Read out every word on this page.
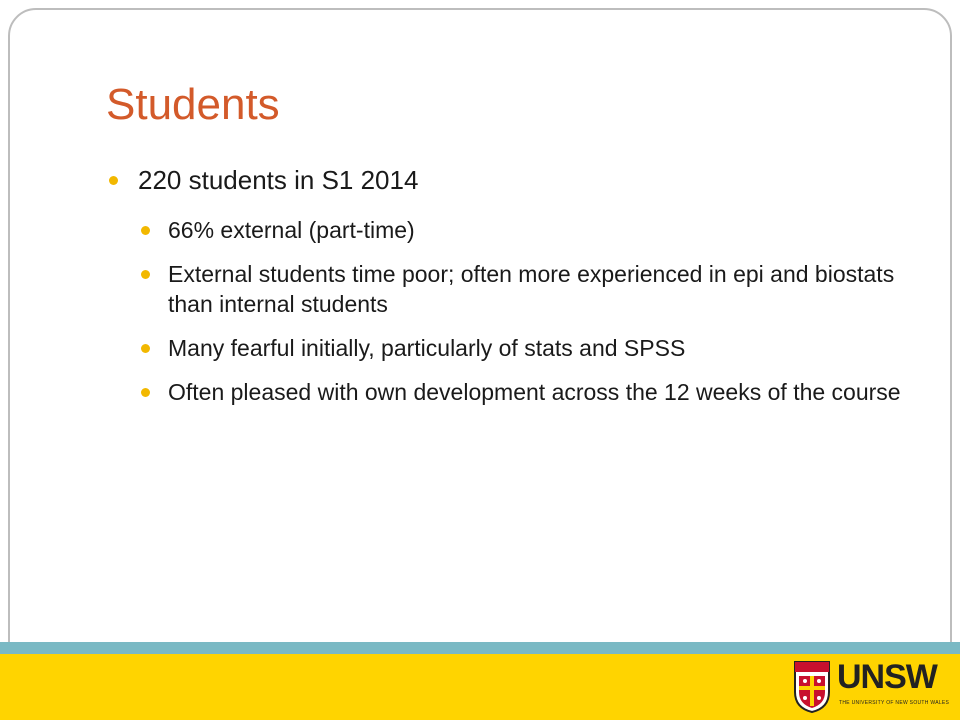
Students
220 students in S1 2014
66% external (part-time)
External students time poor; often more experienced in epi and biostats than internal students
Many fearful initially, particularly of stats and SPSS
Often pleased with own development across the 12 weeks of the course
UNSW
THE UNIVERSITY OF NEW SOUTH WALES
